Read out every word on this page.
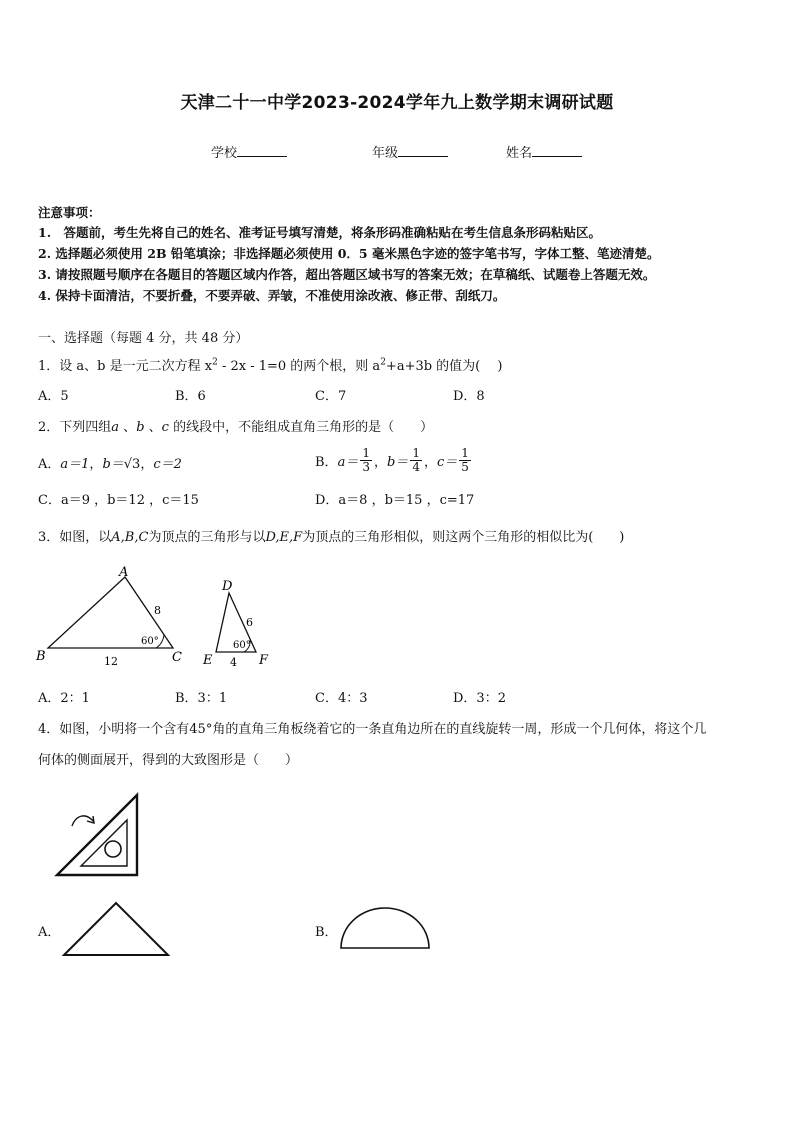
天津二十一中学2023-2024学年九上数学期末调研试题
学校	年级	姓名
注意事项：
1.　答题前，考生先将自己的姓名、准考证号填写清楚，将条形码准确粘贴在考生信息条形码粘贴区。
2. 选择题必须使用 2B 铅笔填涂；非选择题必须使用 0．5 毫米黑色字迹的签字笔书写，字体工整、笔迹清楚。
3. 请按照题号顺序在各题目的答题区域内作答，超出答题区域书写的答案无效；在草稿纸、试题卷上答题无效。
4. 保持卡面清洁，不要折叠，不要弄破、弄皱，不准使用涂改液、修正带、刮纸刀。
一、选择题（每题 4 分，共 48 分）
1．设 a、b 是一元二次方程 $x^2 - 2x - 1=0$ 的两个根，则 $a^2+a+3b$ 的值为(　 )
A．5	B．6	C．7	D．8
2．下列四组a 、b 、c 的线段中，不能组成直角三角形的是（　　）
A．a＝1，b＝√3，c＝2	B． $a= \frac{1}{3}$ ， $b= \frac{1}{4}$ ， $c= \frac{1}{5}$
C．a＝9 ，b＝12 ，c＝15	D．a＝8 ，b＝15 ，c=17
3．如图，以A,B,C为顶点的三角形与以D,E,F为顶点的三角形相似，则这两个三角形的相似比为(　　)
A
B	C
8
12
60°
D
E	F
6
4
60°
A．2：1	B．3：1	C．4：3	D．3：2
4．如图，小明将一个含有45°角的直角三角板绕着它的一条直角边所在的直线旋转一周，形成一个几何体，将这个几
何体的侧面展开，得到的大致图形是（　　）
A．	B．
